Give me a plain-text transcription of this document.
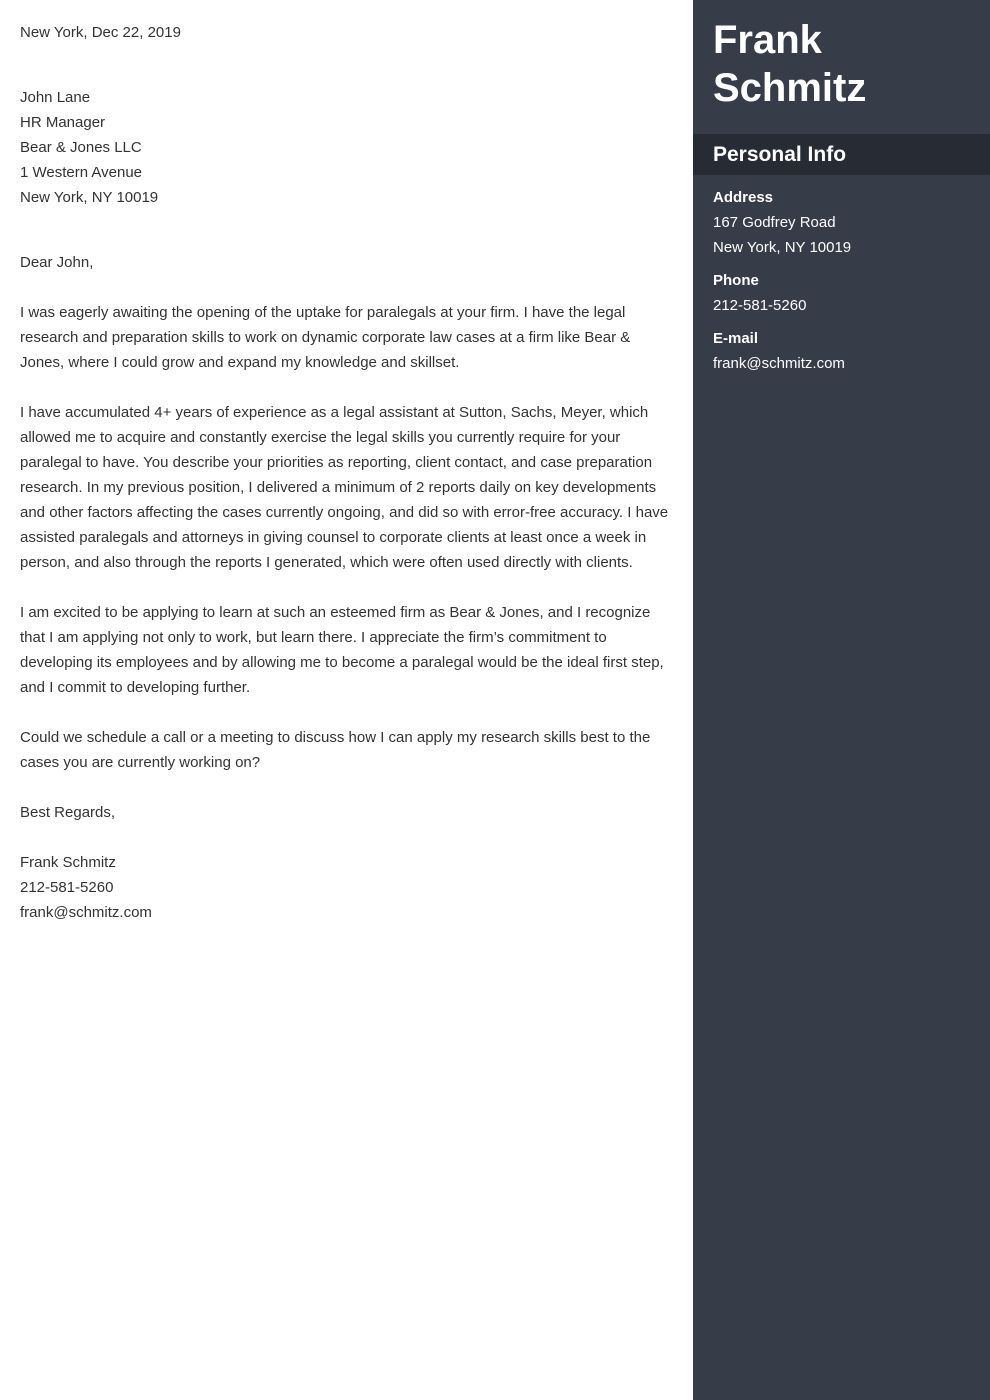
New York, Dec 22, 2019
John Lane
HR Manager
Bear & Jones LLC
1 Western Avenue
New York, NY 10019
Dear John,
I was eagerly awaiting the opening of the uptake for paralegals at your firm. I have the legal
research and preparation skills to work on dynamic corporate law cases at a firm like Bear &
Jones, where I could grow and expand my knowledge and skillset.
I have accumulated 4+ years of experience as a legal assistant at Sutton, Sachs, Meyer, which
allowed me to acquire and constantly exercise the legal skills you currently require for your
paralegal to have. You describe your priorities as reporting, client contact, and case preparation
research. In my previous position, I delivered a minimum of 2 reports daily on key developments
and other factors affecting the cases currently ongoing, and did so with error-free accuracy. I have
assisted paralegals and attorneys in giving counsel to corporate clients at least once a week in
person, and also through the reports I generated, which were often used directly with clients.
I am excited to be applying to learn at such an esteemed firm as Bear & Jones, and I recognize
that I am applying not only to work, but learn there. I appreciate the firm’s commitment to
developing its employees and by allowing me to become a paralegal would be the ideal first step,
and I commit to developing further.
Could we schedule a call or a meeting to discuss how I can apply my research skills best to the
cases you are currently working on?
Best Regards,
Frank Schmitz
212-581-5260
frank@schmitz.com
Frank
Schmitz
Personal Info
Address
167 Godfrey Road
New York, NY 10019
Phone
212-581-5260
E-mail
frank@schmitz.com
